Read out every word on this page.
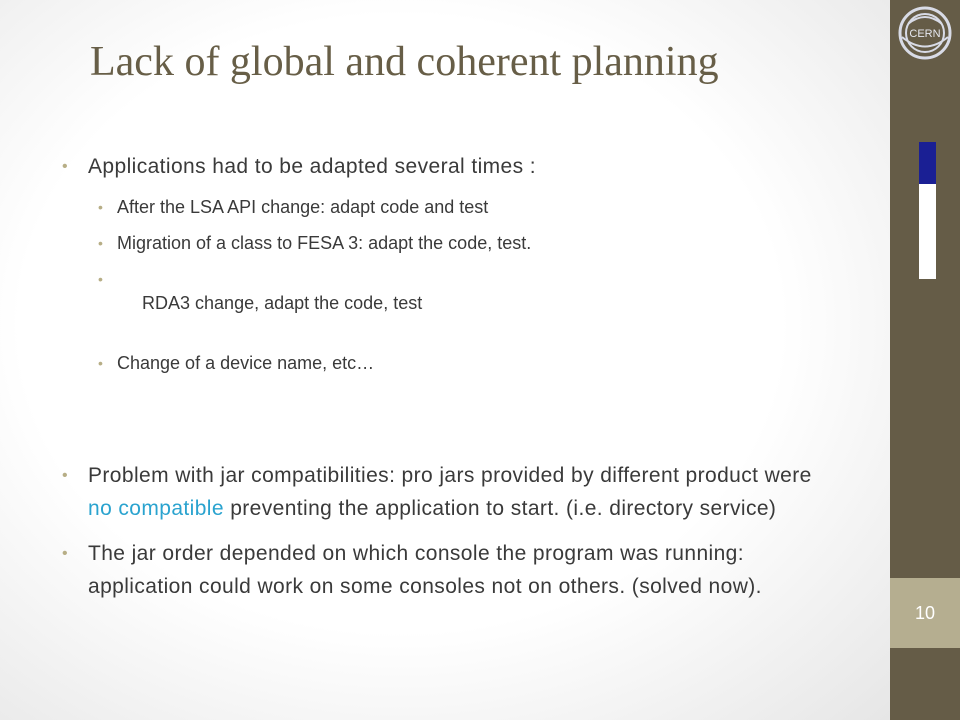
CERN
10
Lack of global and coherent planning
• Applications had to be adapted several times :
• After the LSA API change: adapt code and test
• Migration of a class to FESA 3: adapt the code, test.

•  RDA3 change, adapt the code, test

• Change of a device name, etc…
• Problem with jar compatibilities: pro jars provided by different product were no compatible preventing the application to start. (i.e. directory service)
• The jar order depended on which console the program was running: application could work on some consoles not on others. (solved now).
